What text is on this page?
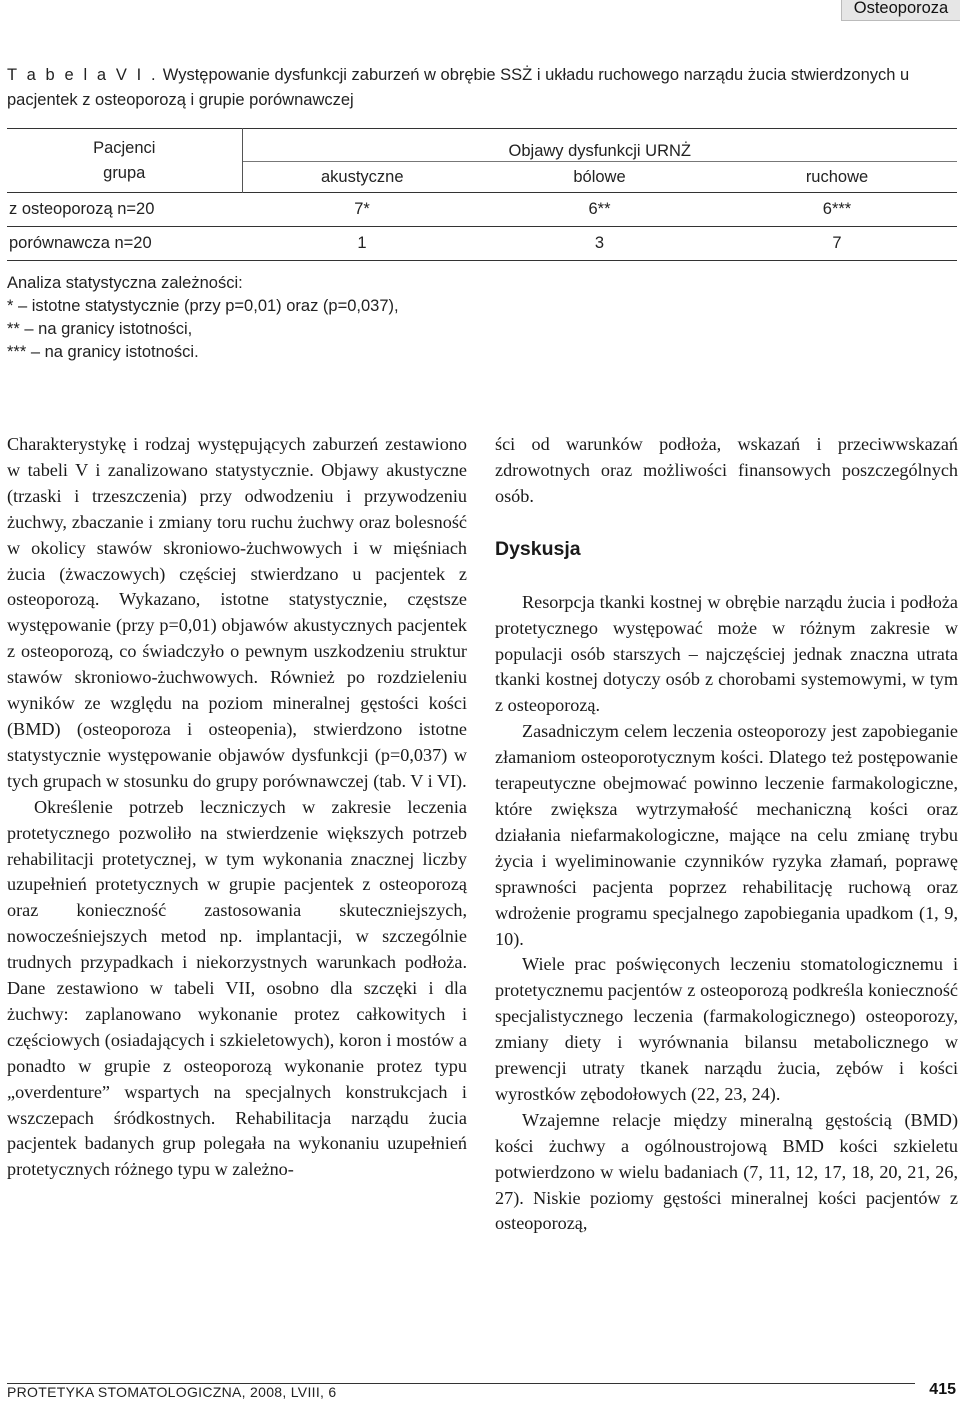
Osteoporoza
T a b e l a V I . Występowanie dysfunkcji zaburzeń w obrębie SSŻ i układu ruchowego narządu żucia stwierdzonych u pacjentek z osteoporozą i grupie porównawczej
Pacjenci
grupa	Objawy dysfunkcji URNŻ		
	akustyczne	bólowe	ruchowe
z osteoporozą n=20	7*	6**	6***
porównawcza n=20	1	3	7

Analiza statystyczna zależności:

* – istotne statystycznie (przy p=0,01) oraz (p=0,037),

** – na granicy istotności,

*** – na granicy istotności.

Charakterystykę i rodzaj występujących zaburzeń zestawiono w tabeli V i zanalizowano statystycznie. Objawy akustyczne (trzaski i trzeszczenia) przy odwodzeniu i przywodzeniu żuchwy, zbaczanie i zmiany toru ruchu żuchwy oraz bolesność w okolicy stawów skroniowo-żuchwowych i w mięśniach żucia (żwaczowych) częściej stwierdzano u pacjentek z osteoporozą. Wykazano, istotne statystycznie, częstsze występowanie (przy p=0,01) objawów akustycznych pacjentek z osteoporozą, co świadczyło o pewnym uszkodzeniu struktur stawów skroniowo-żuchwowych. Również po rozdzieleniu wyników ze względu na poziom mineralnej gęstości kości (BMD) (osteoporoza i osteopenia), stwierdzono istotne statystycznie występowanie objawów dysfunkcji (p=0,037) w tych grupach w stosunku do grupy porównawczej (tab. V i VI).

Określenie potrzeb leczniczych w zakresie leczenia protetycznego pozwoliło na stwierdzenie większych potrzeb rehabilitacji protetycznej, w tym wykonania znacznej liczby uzupełnień protetycznych w grupie pacjentek z osteoporozą oraz konieczność zastosowania skuteczniejszych, nowocześniejszych metod np. implantacji, w szczególnie trudnych przypadkach i niekorzystnych warunkach podłoża. Dane zestawiono w tabeli VII, osobno dla szczęki i dla żuchwy: zaplanowano wykonanie protez całkowitych i częściowych (osiadających i szkieletowych), koron i mostów a ponadto w grupie z osteoporozą wykonanie protez typu „overdenture” wspartych na specjalnych konstrukcjach i wszczepach śródkostnych. Rehabilitacja narządu żucia pacjentek badanych grup polegała na wykonaniu uzupełnień protetycznych różnego typu w zależno-

ści od warunków podłoża, wskazań i przeciwwskazań zdrowotnych oraz możliwości finansowych poszczególnych osób.

Dyskusja

Resorpcja tkanki kostnej w obrębie narządu żucia i podłoża protetycznego występować może w różnym zakresie w populacji osób starszych – najczęściej jednak znaczna utrata tkanki kostnej dotyczy osób z chorobami systemowymi, w tym z osteoporozą.

Zasadniczym celem leczenia osteoporozy jest zapobieganie złamaniom osteoporotycznym kości. Dlatego też postępowanie terapeutyczne obejmować powinno leczenie farmakologiczne, które zwiększa wytrzymałość mechaniczną kości oraz działania niefarmakologiczne, mające na celu zmianę trybu życia i wyeliminowanie czynników ryzyka złamań, poprawę sprawności pacjenta poprzez rehabilitację ruchową oraz wdrożenie programu specjalnego zapobiegania upadkom (1, 9, 10).

Wiele prac poświęconych leczeniu stomatologicznemu i protetycznemu pacjentów z osteoporozą podkreśla konieczność specjalistycznego leczenia (farmakologicznego) osteoporozy, zmiany diety i wyrównania bilansu metabolicznego w prewencji utraty tkanek narządu żucia, zębów i kości wyrostków zębodołowych (22, 23, 24).

Wzajemne relacje między mineralną gęstością (BMD) kości żuchwy a ogólnoustrojową BMD kości szkieletu potwierdzono w wielu badaniach (7, 11, 12, 17, 18, 20, 21, 26, 27). Niskie poziomy gęstości mineralnej kości pacjentów z osteoporozą,

PROTETYKA STOMATOLOGICZNA, 2008, LVIII, 6	415
